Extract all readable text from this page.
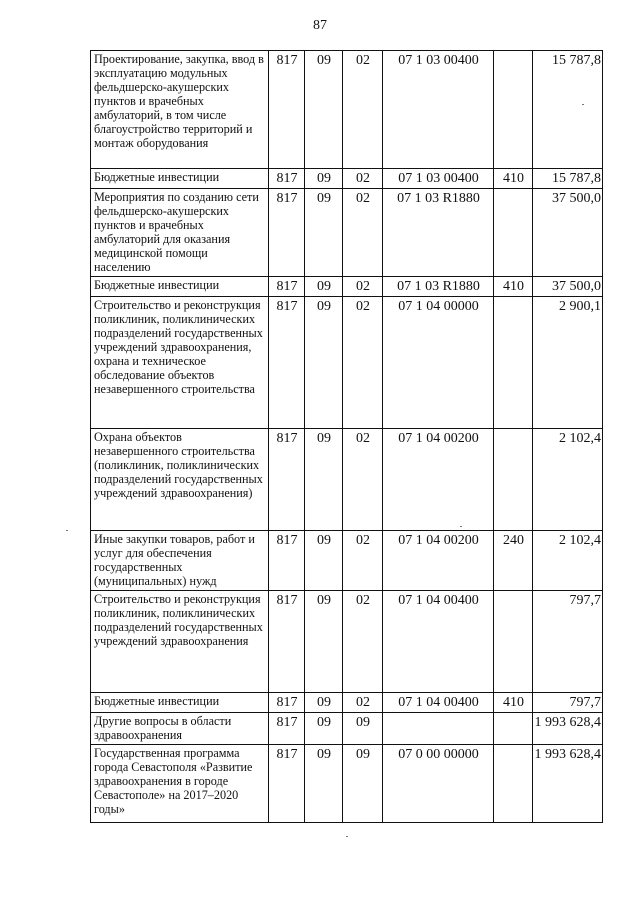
87
Проектирование, закупка, ввод в эксплуатацию модульных фельдшерско-акушерских пунктов и врачебных амбулаторий, в том числе благоустройство территорий и монтаж оборудования	817	09	02	07 1 03 00400		15 787,8
Бюджетные инвестиции	817	09	02	07 1 03 00400	410	15 787,8
Мероприятия по созданию сети фельдшерско-акушерских пунктов и врачебных амбулаторий для оказания медицинской помощи населению	817	09	02	07 1 03 R1880		37 500,0
Бюджетные инвестиции	817	09	02	07 1 03 R1880	410	37 500,0
Строительство и реконструкция поликлиник, поликлинических подразделений государственных учреждений здравоохранения, охрана и техническое обследование объектов незавершенного строительства	817	09	02	07 1 04 00000		2 900,1
Охрана объектов незавершенного строительства (поликлиник, поликлинических подразделений государственных учреждений здравоохранения)	817	09	02	07 1 04 00200		2 102,4
Иные закупки товаров, работ и услуг для обеспечения государственных (муниципальных) нужд	817	09	02	07 1 04 00200	240	2 102,4
Строительство и реконструкция поликлиник, поликлинических подразделений государственных учреждений здравоохранения	817	09	02	07 1 04 00400		797,7
Бюджетные инвестиции	817	09	02	07 1 04 00400	410	797,7
Другие вопросы в области здравоохранения	817	09	09			1 993 628,4
Государственная программа города Севастополя «Развитие здравоохранения в городе Севастополе» на 2017–2020 годы»	817	09	09	07 0 00 00000		1 993 628,4
